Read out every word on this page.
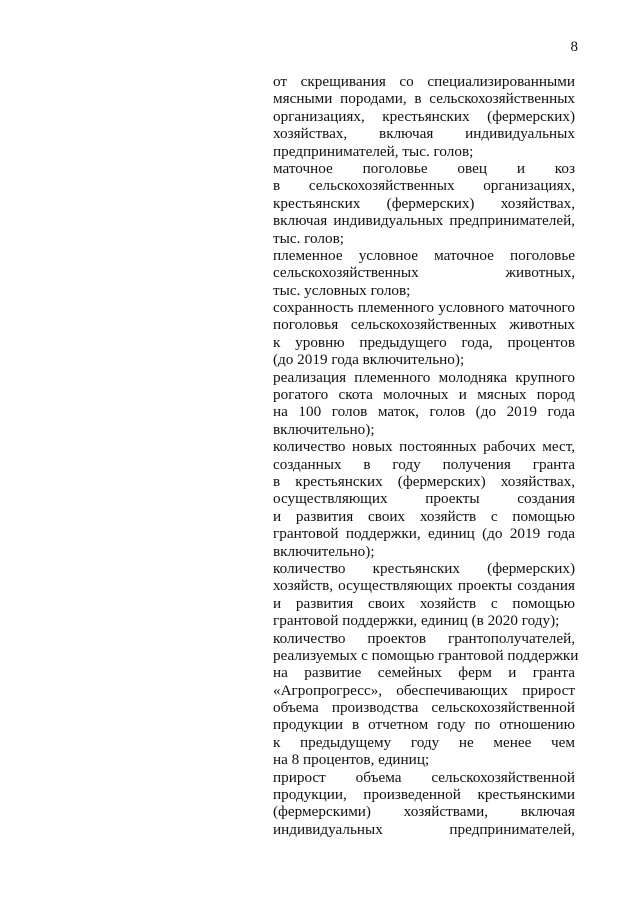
8
от скрещивания со специализированными
мясными породами, в сельскохозяйственных
организациях, крестьянских (фермерских)
хозяйствах, включая индивидуальных
предпринимателей, тыс. голов;
маточное поголовье овец и коз
в сельскохозяйственных организациях,
крестьянских (фермерских) хозяйствах,
включая индивидуальных предпринимателей,
тыс. голов;
племенное условное маточное поголовье
сельскохозяйственных животных,
тыс. условных голов;
сохранность племенного условного маточного
поголовья сельскохозяйственных животных
к уровню предыдущего года, процентов
(до 2019 года включительно);
реализация племенного молодняка крупного
рогатого скота молочных и мясных пород
на 100 голов маток, голов (до 2019 года
включительно);
количество новых постоянных рабочих мест,
созданных в году получения гранта
в крестьянских (фермерских) хозяйствах,
осуществляющих проекты создания
и развития своих хозяйств с помощью
грантовой поддержки, единиц (до 2019 года
включительно);
количество крестьянских (фермерских)
хозяйств, осуществляющих проекты создания
и развития своих хозяйств с помощью
грантовой поддержки, единиц (в 2020 году);
количество проектов грантополучателей,
реализуемых с помощью грантовой поддержки
на развитие семейных ферм и гранта
«Агропрогресс», обеспечивающих прирост
объема производства сельскохозяйственной
продукции в отчетном году по отношению
к предыдущему году не менее чем
на 8 процентов, единиц;
прирост объема сельскохозяйственной
продукции, произведенной крестьянскими
(фермерскими) хозяйствами, включая
индивидуальных предпринимателей,
